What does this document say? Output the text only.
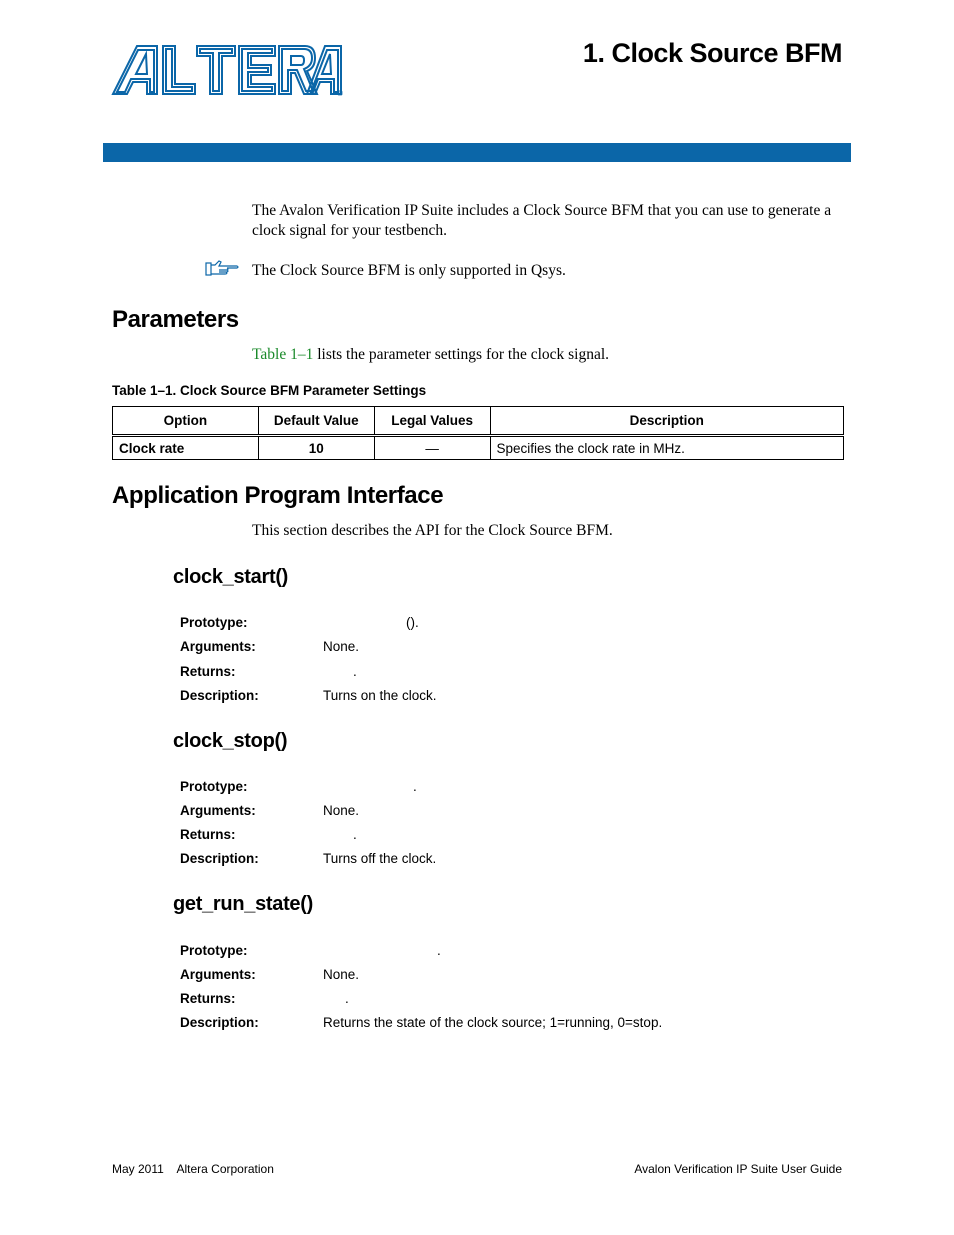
®
1. Clock Source BFM
The Avalon Verification IP Suite includes a Clock Source BFM that you can use to generate a clock signal for your testbench.
The Clock Source BFM is only supported in Qsys.
Parameters
Table 1–1 lists the parameter settings for the clock signal.
Table 1–1. Clock Source BFM Parameter Settings
Option	Default Value	Legal Values	Description
Clock rate	10	—	Specifies the clock rate in MHz.
Application Program Interface
This section describes the API for the Clock Source BFM.
clock_start()
Prototype:	().
Arguments:	None.
Returns:	.
Description:	Turns on the clock.
clock_stop()
Prototype:	.
Arguments:	None.
Returns:	.
Description:	Turns off the clock.
get_run_state()
Prototype:	.
Arguments:	None.
Returns:	.
Description:	Returns the state of the clock source; 1=running, 0=stop.
May 2011    Altera Corporation	Avalon Verification IP Suite User Guide
